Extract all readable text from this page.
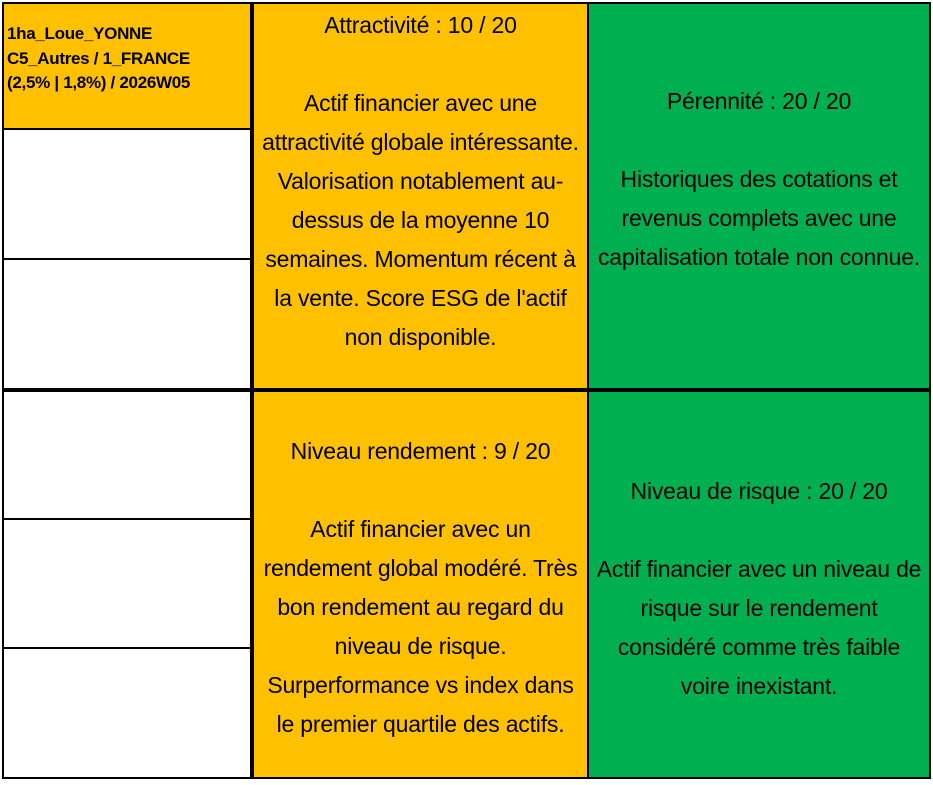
1ha_Loue_YONNE
C5_Autres / 1_FRANCE
(2,5% | 1,8%) / 2026W05
Attractivité : 10 / 20
Actif financier avec une attractivité globale intéressante. Valorisation notablement au-dessus de la moyenne 10 semaines. Momentum récent à la vente. Score ESG de l'actif non disponible.
Pérennité : 20 / 20
Historiques des cotations et revenus complets avec une capitalisation totale non connue.
Niveau rendement : 9 / 20
Actif financier avec un rendement global modéré. Très bon rendement au regard du niveau de risque. Surperformance vs index dans le premier quartile des actifs.
Niveau de risque : 20 / 20
Actif financier avec un niveau de
risque sur le rendement
considéré comme très faible
voire inexistant.
